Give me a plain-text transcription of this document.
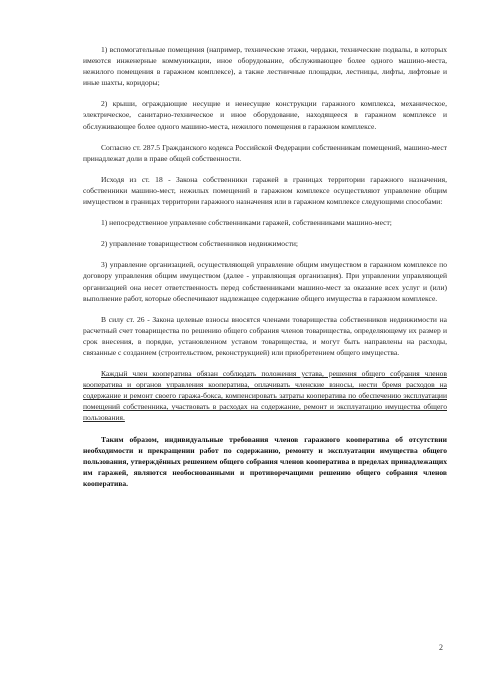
1) вспомогательные помещения (например, технические этажи, чердаки, технические подвалы, в которых имеются инженерные коммуникации, иное оборудование, обслуживающее более одного машино-места, нежилого помещения в гаражном комплексе), а также лестничные площадки, лестницы, лифты, лифтовые и иные шахты, коридоры;

2) крыши, ограждающие несущие и ненесущие конструкции гаражного комплекса, механическое, электрическое, санитарно-техническое и иное оборудование, находящееся в гаражном комплексе и обслуживающее более одного машино-места, нежилого помещения в гаражном комплексе.

Согласно ст. 287.5 Гражданского кодекса Российской Федерации собственникам помещений, машино-мест принадлежат доли в праве общей собственности.

Исходя из ст. 18 - Закона собственники гаражей в границах территории гаражного назначения, собственники машино-мест, нежилых помещений в гаражном комплексе осуществляют управление общим имуществом в границах территории гаражного назначения или в гаражном комплексе следующими способами:

1) непосредственное управление собственниками гаражей, собственниками машино-мест;

2) управление товариществом собственников недвижимости;

3) управление организацией, осуществляющей управление общим имуществом в гаражном комплексе по договору управления общим имуществом (далее - управляющая организация). При управлении управляющей организацией она несет ответственность перед собственниками машино-мест за оказание всех услуг и (или) выполнение работ, которые обеспечивают надлежащее содержание общего имущества в гаражном комплексе.

В силу ст. 26 - Закона целевые взносы вносятся членами товарищества собственников недвижимости на расчетный счет товарищества по решению общего собрания членов товарищества, определяющему их размер и срок внесения, в порядке, установленном уставом товарищества, и могут быть направлены на расходы, связанные с созданием (строительством, реконструкцией) или приобретением общего имущества.

Каждый член кооператива обязан соблюдать положения устава, решения общего собрания членов кооператива и органов управления кооператива, оплачивать членские взносы, нести бремя расходов на содержание и ремонт своего гаража-бокса, компенсировать затраты кооператива по обеспечению эксплуатации помещений собственника, участвовать в расходах на содержание, ремонт и эксплуатацию имущества общего пользования.

Таким образом, индивидуальные требования членов гаражного кооператива об отсутствии необходимости и прекращении работ по содержанию, ремонту и эксплуатации имущества общего пользования, утверждённых решением общего собрания членов кооператива в пределах принадлежащих им гаражей, являются необоснованными и противоречащими решению общего собрания членов кооператива.

2
